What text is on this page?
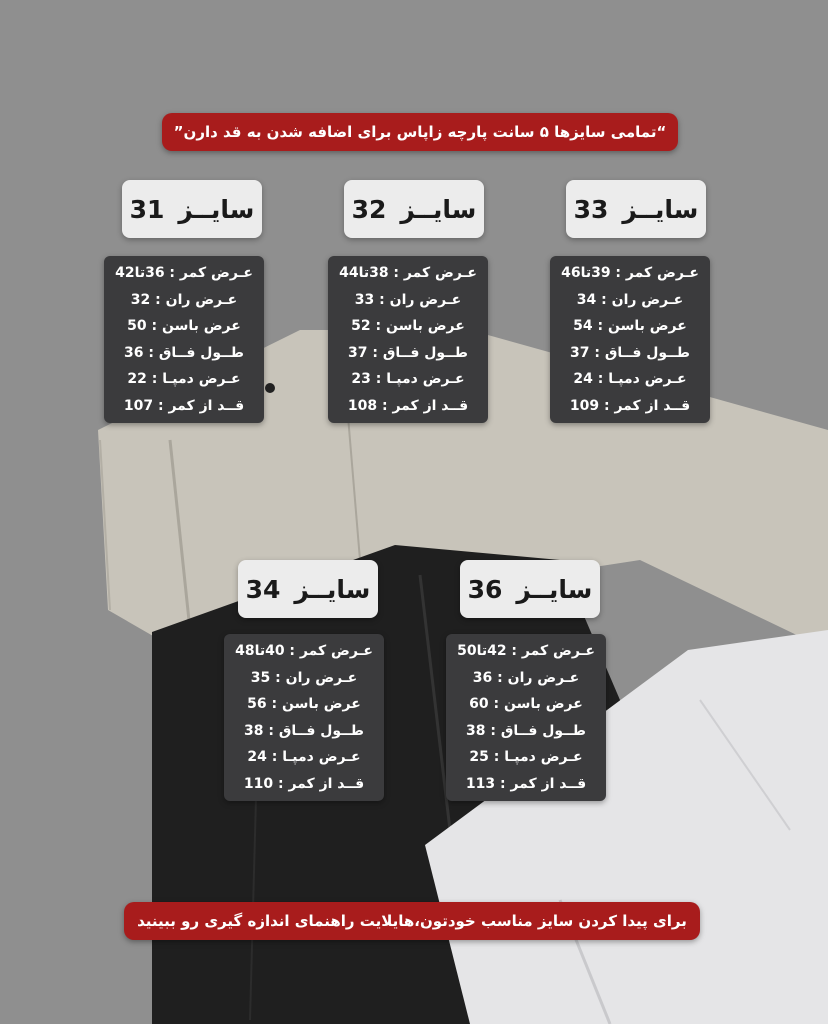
“تمامی سایزها ۵ سانت پارچه زاپاس برای اضافه شدن به قد دارن”
سایــز
31
عـرض کمر : 36تا42
عـرض ران : 32
عرض باسن : 50
طــول فــاق : 36
عـرض دمپـا : 22
قــد از کمر : 107
سایــز
32
عـرض کمر : 38تا44
عـرض ران : 33
عرض باسن : 52
طــول فــاق : 37
عـرض دمپـا : 23
قــد از کمر : 108
سایــز
33
عـرض کمر : 39تا46
عـرض ران : 34
عرض باسن : 54
طــول فــاق : 37
عـرض دمپـا : 24
قــد از کمر : 109
سایــز
34
عـرض کمر : 40تا48
عـرض ران : 35
عرض باسن : 56
طــول فــاق : 38
عـرض دمپـا : 24
قــد از کمر : 110
سایــز
36
عـرض کمر : 42تا50
عـرض ران : 36
عرض باسن : 60
طــول فــاق : 38
عـرض دمپـا : 25
قــد از کمر : 113
برای پیدا کردن سایز مناسب خودتون،هایلایت راهنمای اندازه گیری رو ببینید
